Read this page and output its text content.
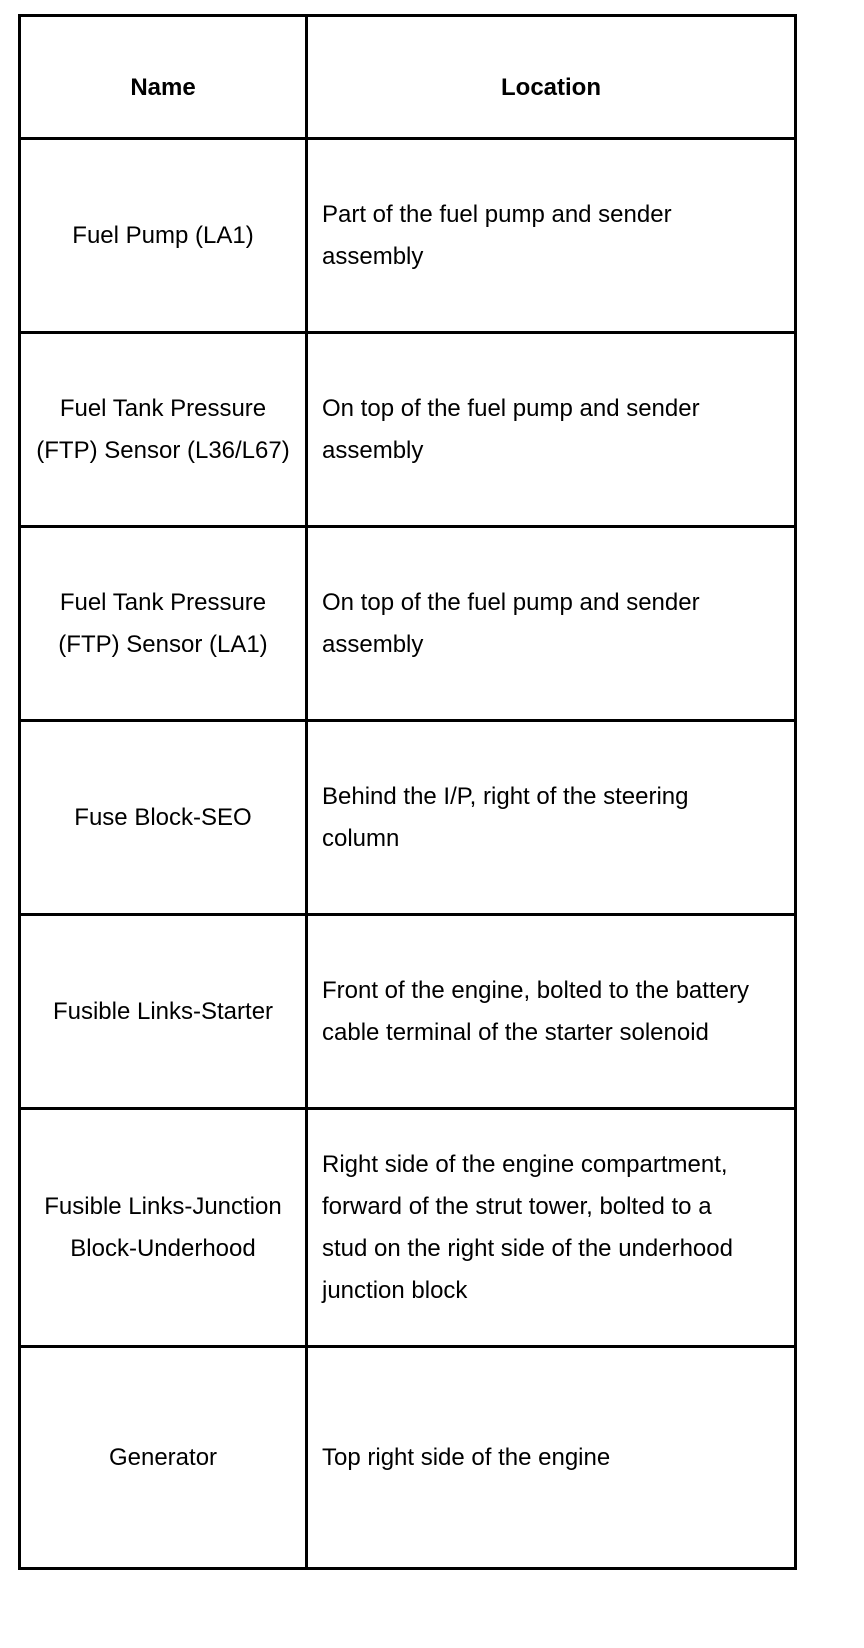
Name	Location
Fuel Pump (LA1)	Part of the fuel pump and sender assembly
Fuel Tank Pressure (FTP) Sensor (L36/L67)	On top of the fuel pump and sender assembly
Fuel Tank Pressure (FTP) Sensor (LA1)	On top of the fuel pump and sender assembly
Fuse Block-SEO	Behind the I/P, right of the steering column
Fusible Links-Starter	Front of the engine, bolted to the battery cable terminal of the starter solenoid
Fusible Links-Junction Block-Underhood	Right side of the engine compartment, forward of the strut tower, bolted to a stud on the right side of the underhood junction block
Generator	Top right side of the engine
